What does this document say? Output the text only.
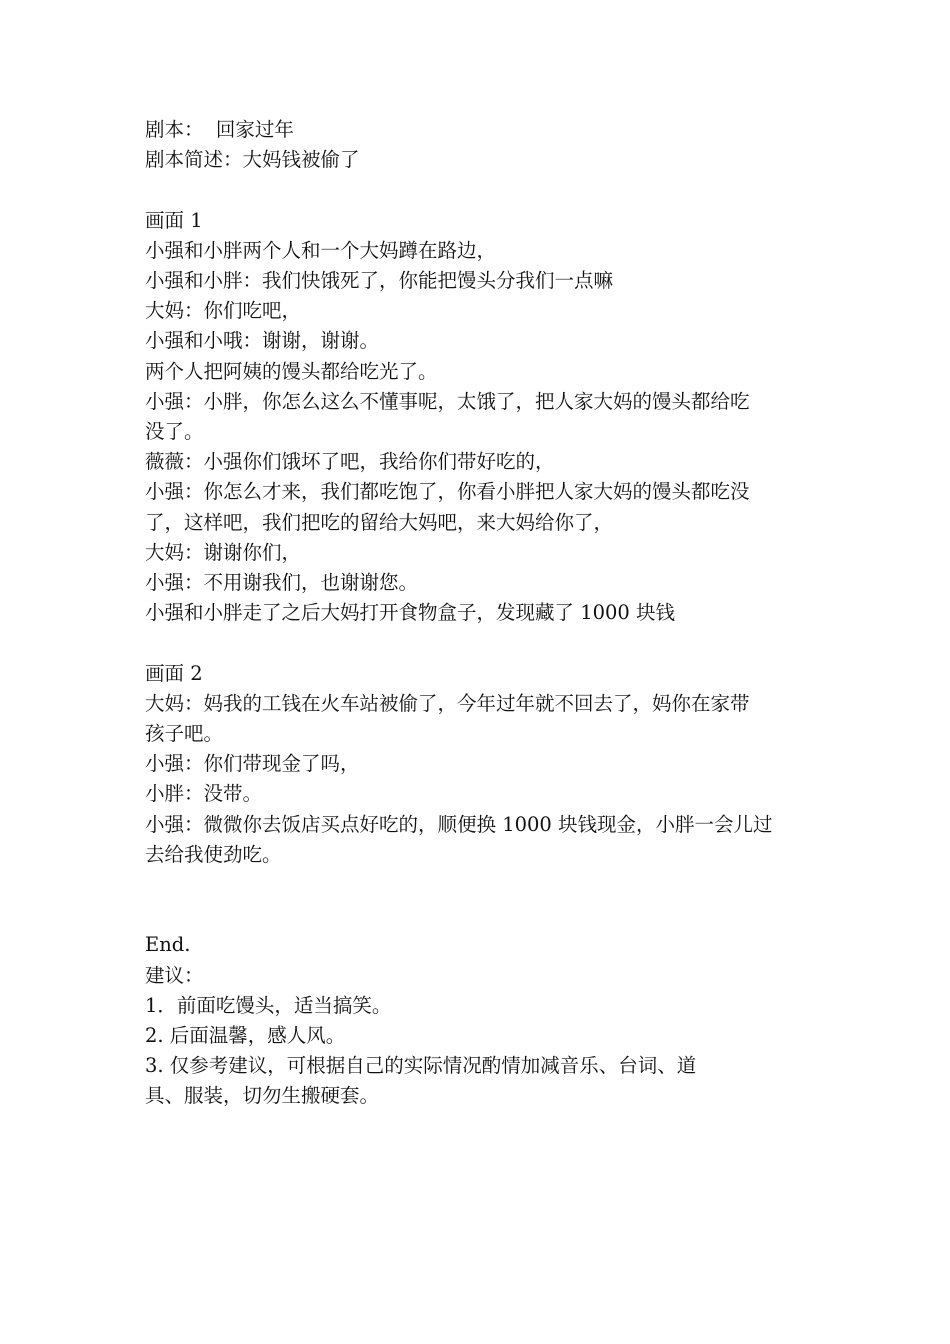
剧本：  回家过年
剧本简述：大妈钱被偷了
画面 1
小强和小胖两个人和一个大妈蹲在路边，
小强和小胖：我们快饿死了，你能把馒头分我们一点嘛
大妈：你们吃吧，
小强和小哦：谢谢，谢谢。
两个人把阿姨的馒头都给吃光了。
小强：小胖，你怎么这么不懂事呢，太饿了，把人家大妈的馒头都给吃
没了。
薇薇：小强你们饿坏了吧，我给你们带好吃的，
小强：你怎么才来，我们都吃饱了，你看小胖把人家大妈的馒头都吃没
了，这样吧，我们把吃的留给大妈吧，来大妈给你了，
大妈：谢谢你们，
小强：不用谢我们，也谢谢您。
小强和小胖走了之后大妈打开食物盒子，发现藏了 1000 块钱
画面 2
大妈：妈我的工钱在火车站被偷了，今年过年就不回去了，妈你在家带
孩子吧。
小强：你们带现金了吗，
小胖：没带。
小强：微微你去饭店买点好吃的，顺便换 1000 块钱现金，小胖一会儿过
去给我使劲吃。
End.
建议：
1．前面吃馒头，适当搞笑。
2. 后面温馨，感人风。
3. 仅参考建议，可根据自己的实际情况酌情加减音乐、台词、道
具、服装，切勿生搬硬套。
